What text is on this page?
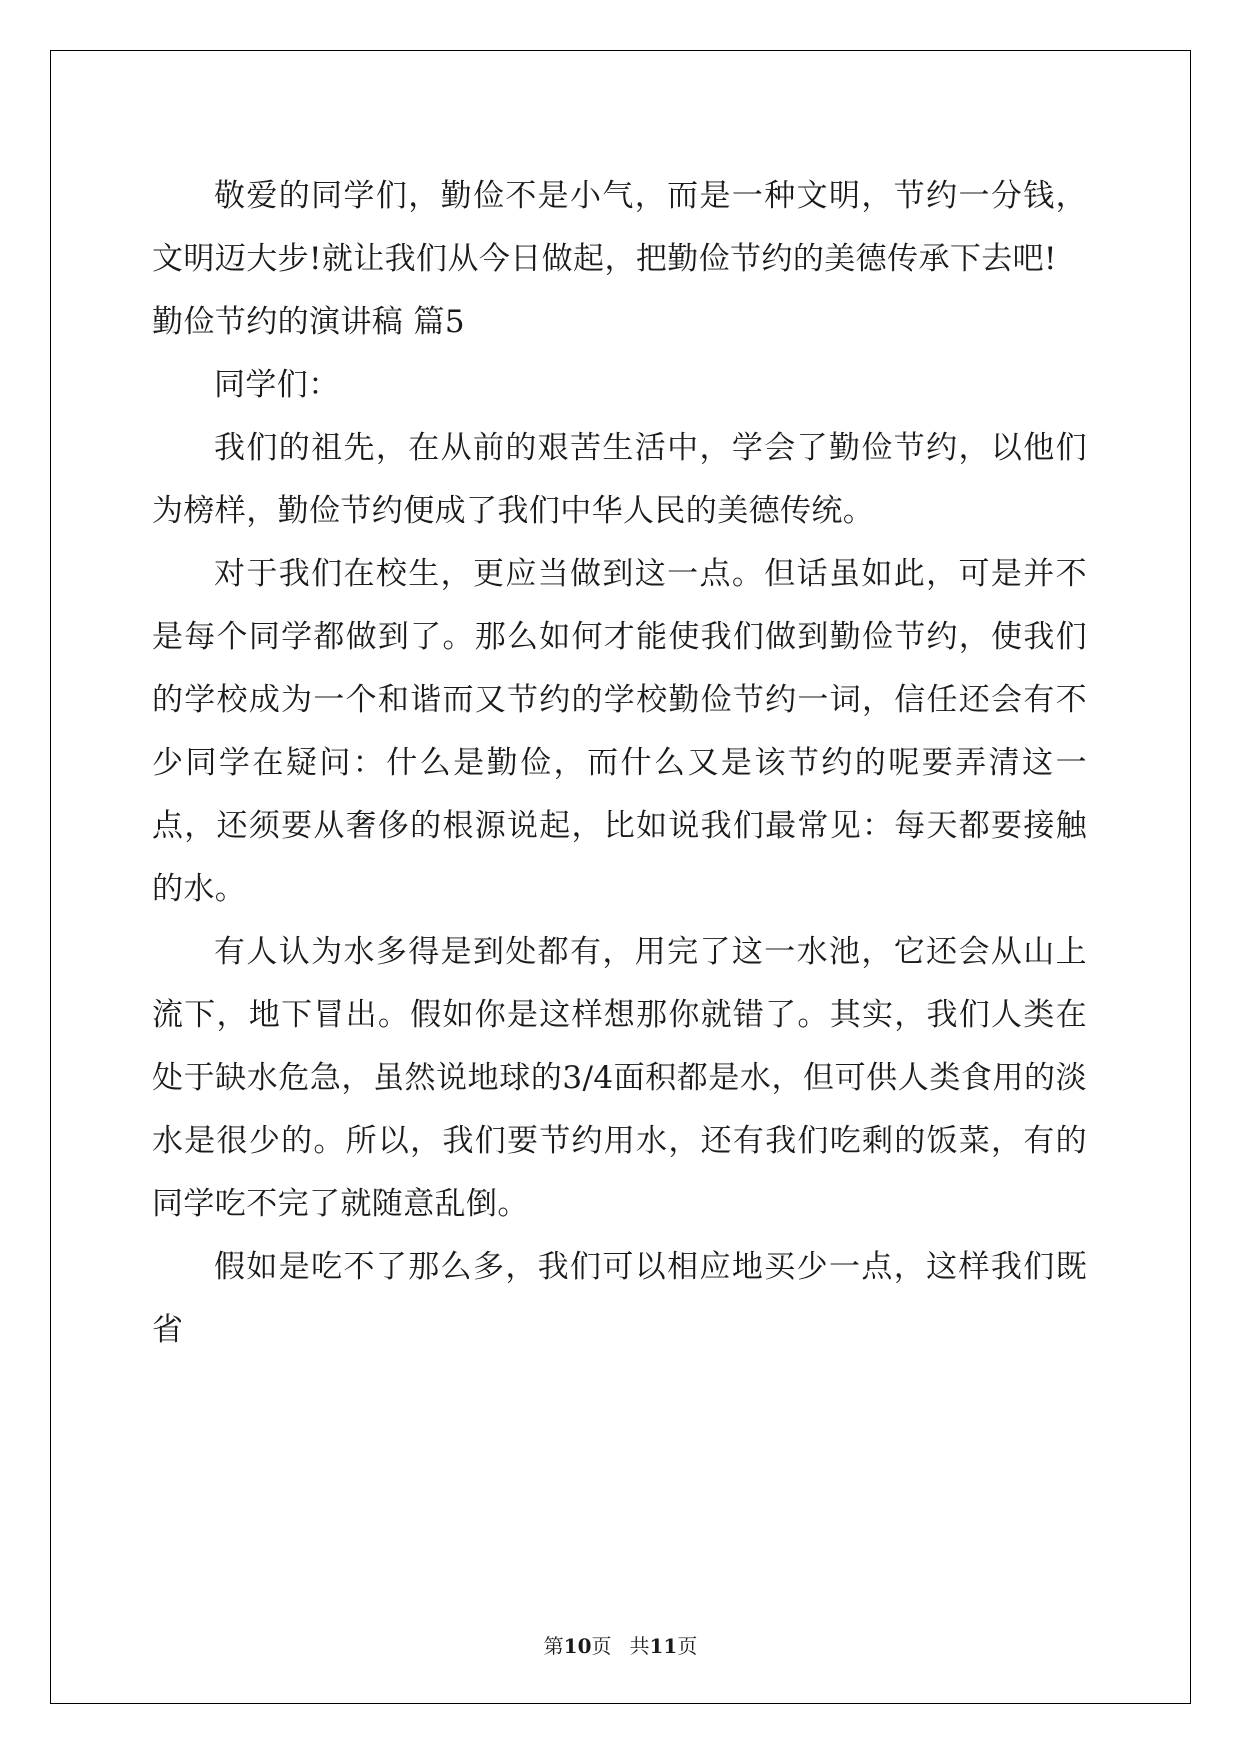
敬爱的同学们，勤俭不是小气，而是一种文明，节约一分钱，文明迈大步!就让我们从今日做起，把勤俭节约的美德传承下去吧!

勤俭节约的演讲稿 篇5

同学们：

我们的祖先，在从前的艰苦生活中，学会了勤俭节约，以他们为榜样，勤俭节约便成了我们中华人民的美德传统。

对于我们在校生，更应当做到这一点。但话虽如此，可是并不是每个同学都做到了。那么如何才能使我们做到勤俭节约，使我们的学校成为一个和谐而又节约的学校勤俭节约一词，信任还会有不少同学在疑问：什么是勤俭，而什么又是该节约的呢要弄清这一点，还须要从奢侈的根源说起，比如说我们最常见：每天都要接触的水。

有人认为水多得是到处都有，用完了这一水池，它还会从山上流下，地下冒出。假如你是这样想那你就错了。其实，我们人类在处于缺水危急，虽然说地球的3/4面积都是水，但可供人类食用的淡水是很少的。所以，我们要节约用水，还有我们吃剩的饭菜，有的同学吃不完了就随意乱倒。

假如是吃不了那么多，我们可以相应地买少一点，这样我们既省

第10页 共11页
